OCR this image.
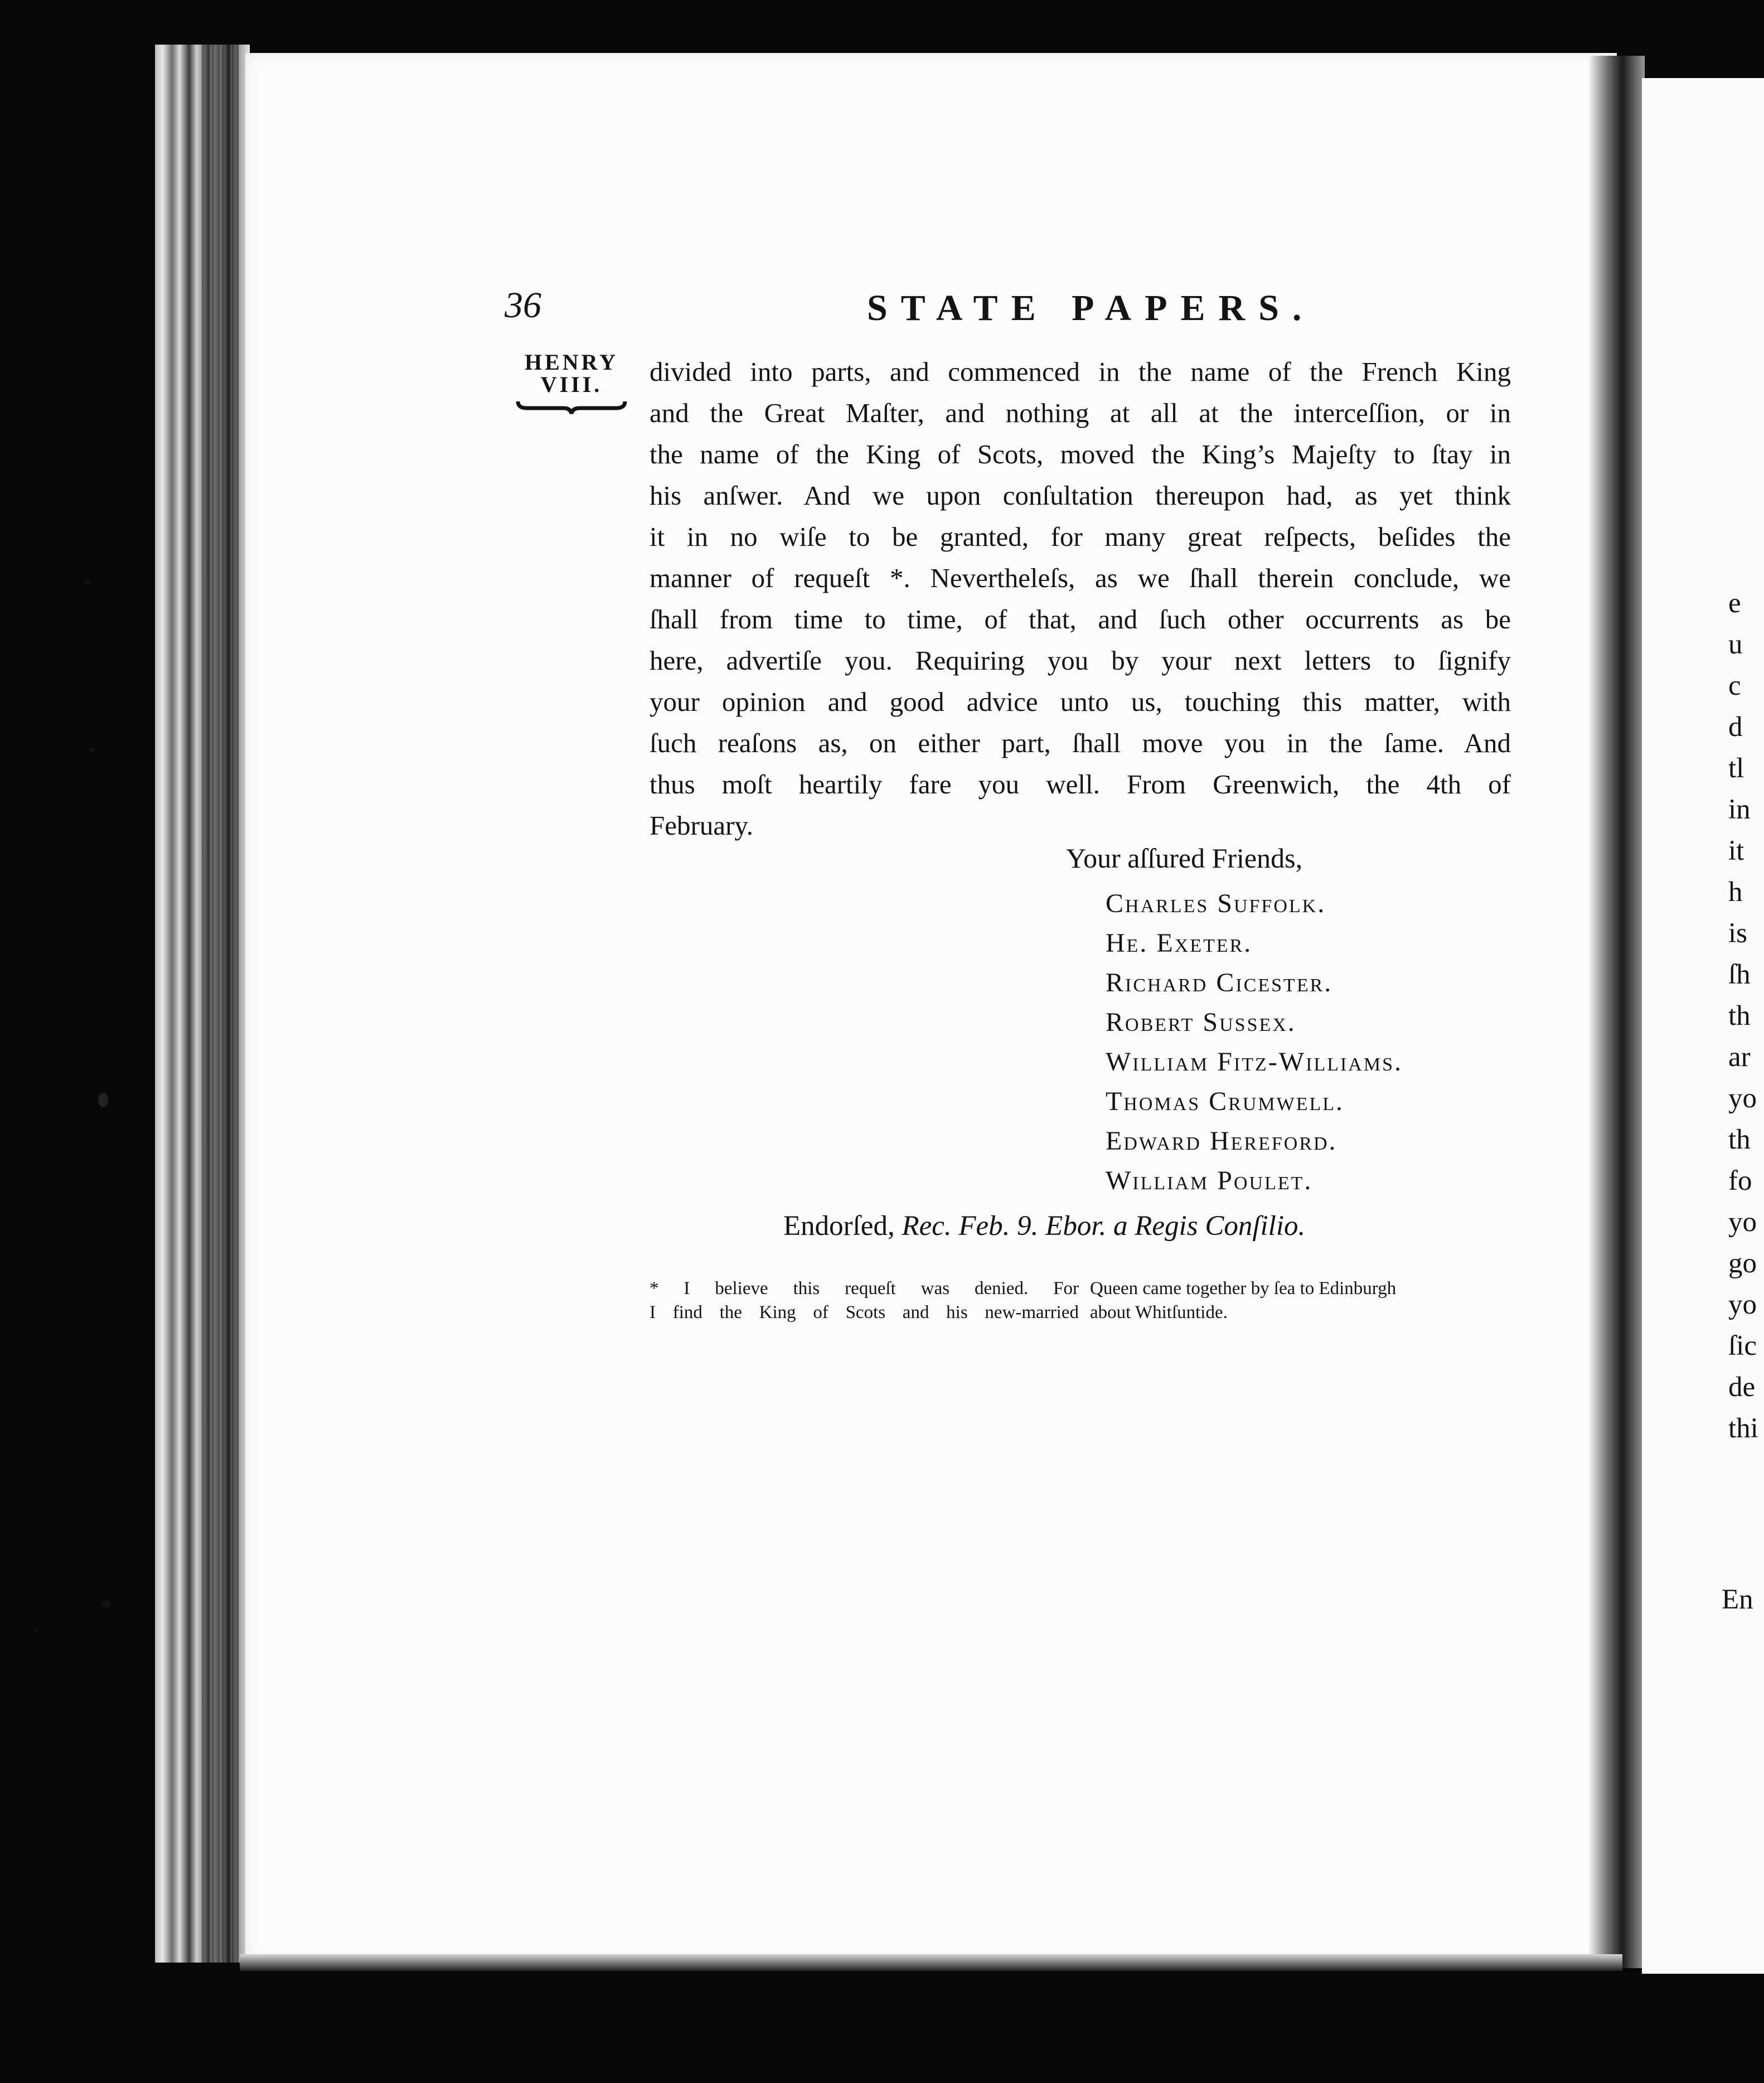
36	STATE PAPERS.
HENRY
VIII.	divided into parts, and commenced in the name of the French King
and the Great Maſter, and nothing at all at the interceſſion, or in
the name of the King of Scots, moved the King’s Majeſty to ſtay in
his anſwer. And we upon conſultation thereupon had, as yet think
it in no wiſe to be granted, for many great reſpects, beſides the
manner of requeſt *. Neverthelеſs, as we ſhall therein conclude, we
ſhall from time to time, of that, and ſuch other occurrents as be
here, advertiſe you. Requiring you by your next letters to ſignify
your opinion and good advice unto us, touching this matter, with
ſuch reaſons as, on either part, ſhall move you in the ſame. And
thus moſt heartily fare you well. From Greenwich, the 4th of
February.
Your aſſured Friends,
Charles Suffolk.
He. Exeter.
Richard Cicester.
Robert Sussex.
William Fitz-Williams.
Thomas Crumwell.
Edward Hereford.
William Poulet.
Endorſed, Rec. Feb. 9. Ebor. a Regis Conſilio.
* I believe this requeſt was denied. For
I find the King of Scots and his new-married
Queen came together by ſea to Edinburgh
about Whitſuntide.
e
u
c
d
tl
in
it
h
is
ſh
th
ar
yo
th
fo
yo
go
yo
ſic
de
thi
En
